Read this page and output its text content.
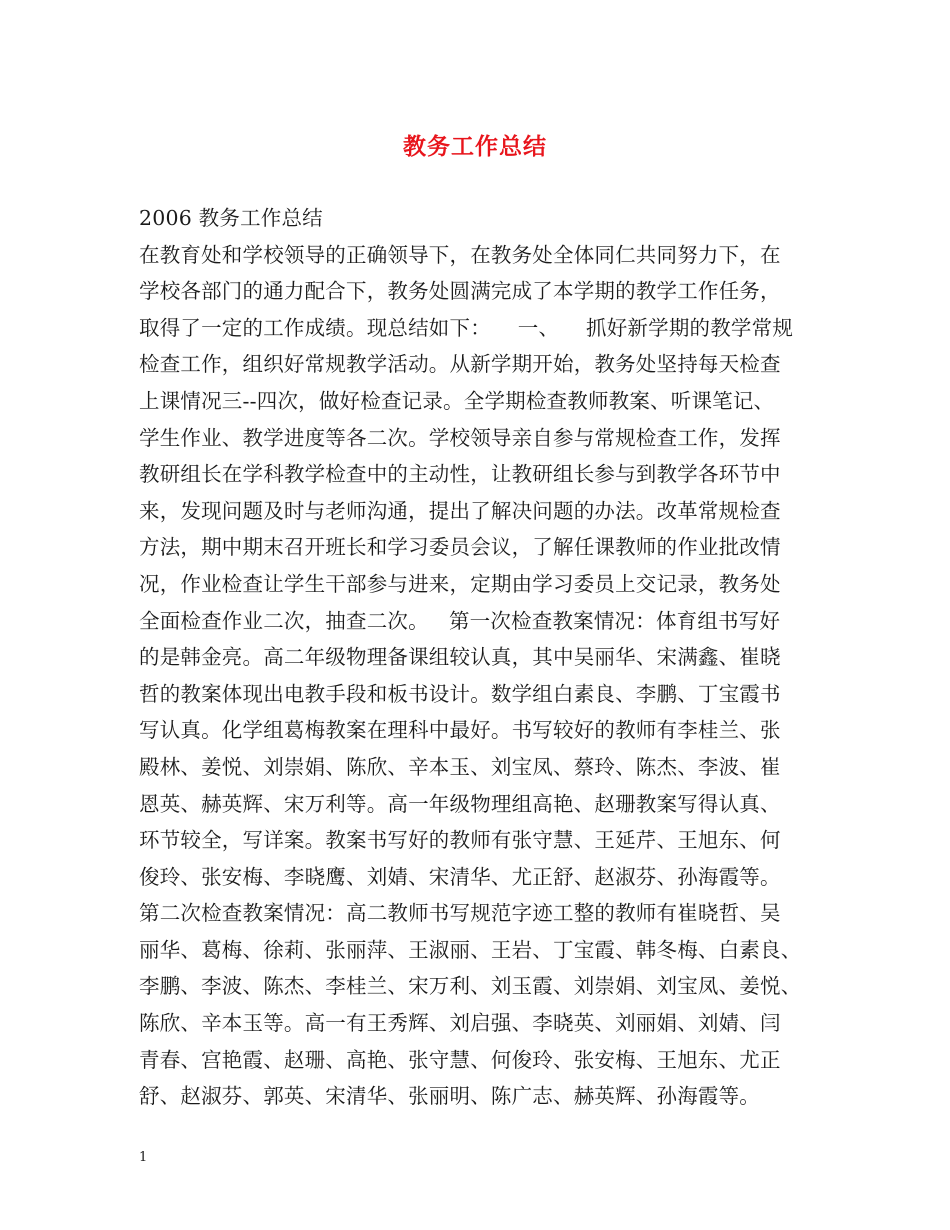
教务工作总结
2006 教务工作总结
在教育处和学校领导的正确领导下，在教务处全体同仁共同努力下，在
学校各部门的通力配合下，教务处圆满完成了本学期的教学工作任务，
取得了一定的工作成绩。现总结如下：    一、    抓好新学期的教学常规
检查工作，组织好常规教学活动。从新学期开始，教务处坚持每天检查
上课情况三--四次，做好检查记录。全学期检查教师教案、听课笔记、
学生作业、教学进度等各二次。学校领导亲自参与常规检查工作，发挥
教研组长在学科教学检查中的主动性，让教研组长参与到教学各环节中
来，发现问题及时与老师沟通，提出了解决问题的办法。改革常规检查
方法，期中期末召开班长和学习委员会议，了解任课教师的作业批改情
况，作业检查让学生干部参与进来，定期由学习委员上交记录，教务处
全面检查作业二次，抽查二次。   第一次检查教案情况：体育组书写好
的是韩金亮。高二年级物理备课组较认真，其中吴丽华、宋满鑫、崔晓
哲的教案体现出电教手段和板书设计。数学组白素良、李鹏、丁宝霞书
写认真。化学组葛梅教案在理科中最好。书写较好的教师有李桂兰、张
殿林、姜悦、刘崇娟、陈欣、辛本玉、刘宝凤、蔡玲、陈杰、李波、崔
恩英、赫英辉、宋万利等。高一年级物理组高艳、赵珊教案写得认真、
环节较全，写详案。教案书写好的教师有张守慧、王延芹、王旭东、何
俊玲、张安梅、李晓鹰、刘婧、宋清华、尤正舒、赵淑芬、孙海霞等。
第二次检查教案情况：高二教师书写规范字迹工整的教师有崔晓哲、吴
丽华、葛梅、徐莉、张丽萍、王淑丽、王岩、丁宝霞、韩冬梅、白素良、
李鹏、李波、陈杰、李桂兰、宋万利、刘玉霞、刘崇娟、刘宝凤、姜悦、
陈欣、辛本玉等。高一有王秀辉、刘启强、李晓英、刘丽娟、刘婧、闫
青春、宫艳霞、赵珊、高艳、张守慧、何俊玲、张安梅、王旭东、尤正
舒、赵淑芬、郭英、宋清华、张丽明、陈广志、赫英辉、孙海霞等。
1
